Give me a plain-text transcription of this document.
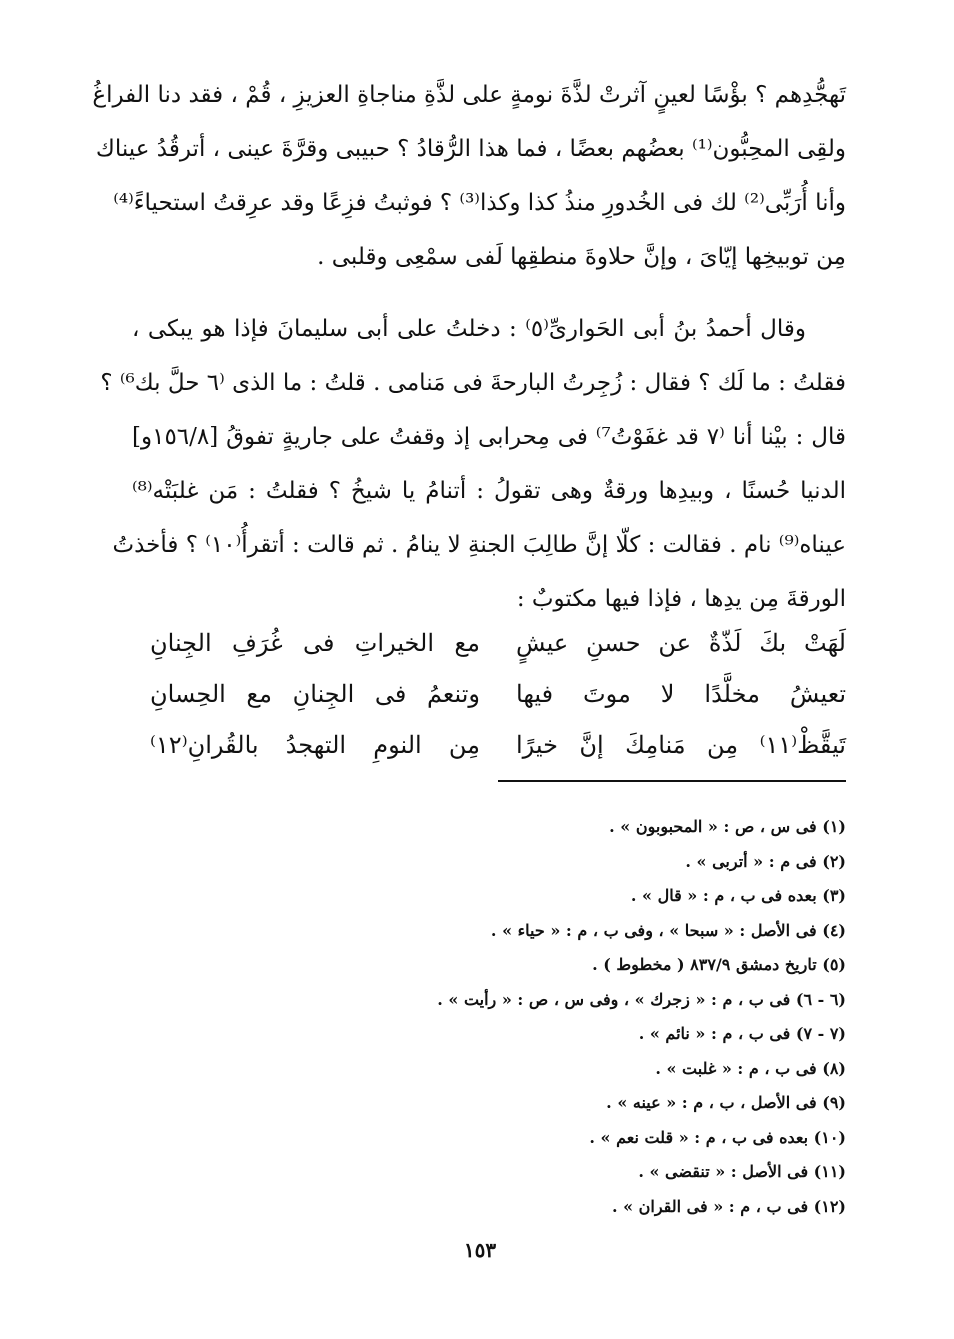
تَهجُّدِهم ؟ بؤْسًا لعينٍ آثرتْ لذَّةَ نومةٍ على لذَّةِ مناجاةِ العزيزِ ، قُمْ ، فقد دنا الفراغُ
ولقِى المحِبُّون⁽¹⁾ بعضُهم بعضًا ، فما هذا الرُّقادُ ؟ حبيبى وقرَّةَ عينى ، أترقُدُ عيناك
وأنا أُرَبِّى⁽²⁾ لك فى الخُدورِ منذُ كذا وكذا⁽³⁾ ؟ فوثبتُ فزِعًا وقد عرِقتُ استحياءً⁽⁴⁾
مِن توبيخِها إيّاىَ ، وإنَّ حلاوةَ منطقِها لَفى سمْعِى وقلبى .
وقال أحمدُ بنُ أبى الحَوارىِّ⁽٥⁾ : دخلتُ على أبى سليمانَ فإذا هو يبكى ،
فقلتُ : ما لَك ؟ فقال : زُجِرتُ البارحةَ فى مَنامى . قلتُ : ما الذى ⁽٦ حلَّ بك⁶⁾ ؟
قال : بيْنا أنا ⁽٧ قد غفَوْتُ⁷⁾ فى مِحرابى إذ وقفتُ على جاريةٍ تفوقُ [١٥٦/٨و]
الدنيا حُسنًا ، وبيدِها ورقةٌ وهى تقولُ : أتنامُ يا شيخُ ؟ فقلتُ : مَن غلبَتْه⁽⁸⁾
عيناه⁽⁹⁾ نام . فقالت : كلّا إنَّ طالِبَ الجنةِ لا ينامُ . ثم قالت : أتقرأُ⁽١٠⁾ ؟ فأخذتُ
الورقةَ مِن يدِها ، فإذا فيها مكتوبٌ :
لَهَتْ بكَ لَذّةٌ عن حسنِ عيشٍ
مع الخيراتِ فى غُرَفِ الجِنانِ
تعيشُ مخلَّدًا لا موتَ فيها
وتنعمُ فى الجِنانِ مع الحِسانِ
تَيقَّظْ⁽١١⁾ مِن مَنامِكَ إنَّ خيرًا
مِن النومِ التهجدُ بالقُرانِ⁽١٢⁾
(١) فى س ، ص : « المحبوبون » .
(٢) فى م : « أتربى » .
(٣) بعده فى ب ، م : « قال » .
(٤) فى الأصل : « سبحا » ، وفى ب ، م : « حياء » .
(٥) تاريخ دمشق ٨٣٧/٩ ( مخطوط ) .
(٦ - ٦) فى ب ، م : « زجرك » ، وفى س ، ص : « رأيت » .
(٧ - ٧) فى ب ، م : « نائم » .
(٨) فى ب ، م : « غلبت » .
(٩) فى الأصل ، ب ، م : « عينه » .
(١٠) بعده فى ب ، م : « قلت نعم » .
(١١) فى الأصل : « تنقضى » .
(١٢) فى ب ، م : « فى القران » .
١٥٣
